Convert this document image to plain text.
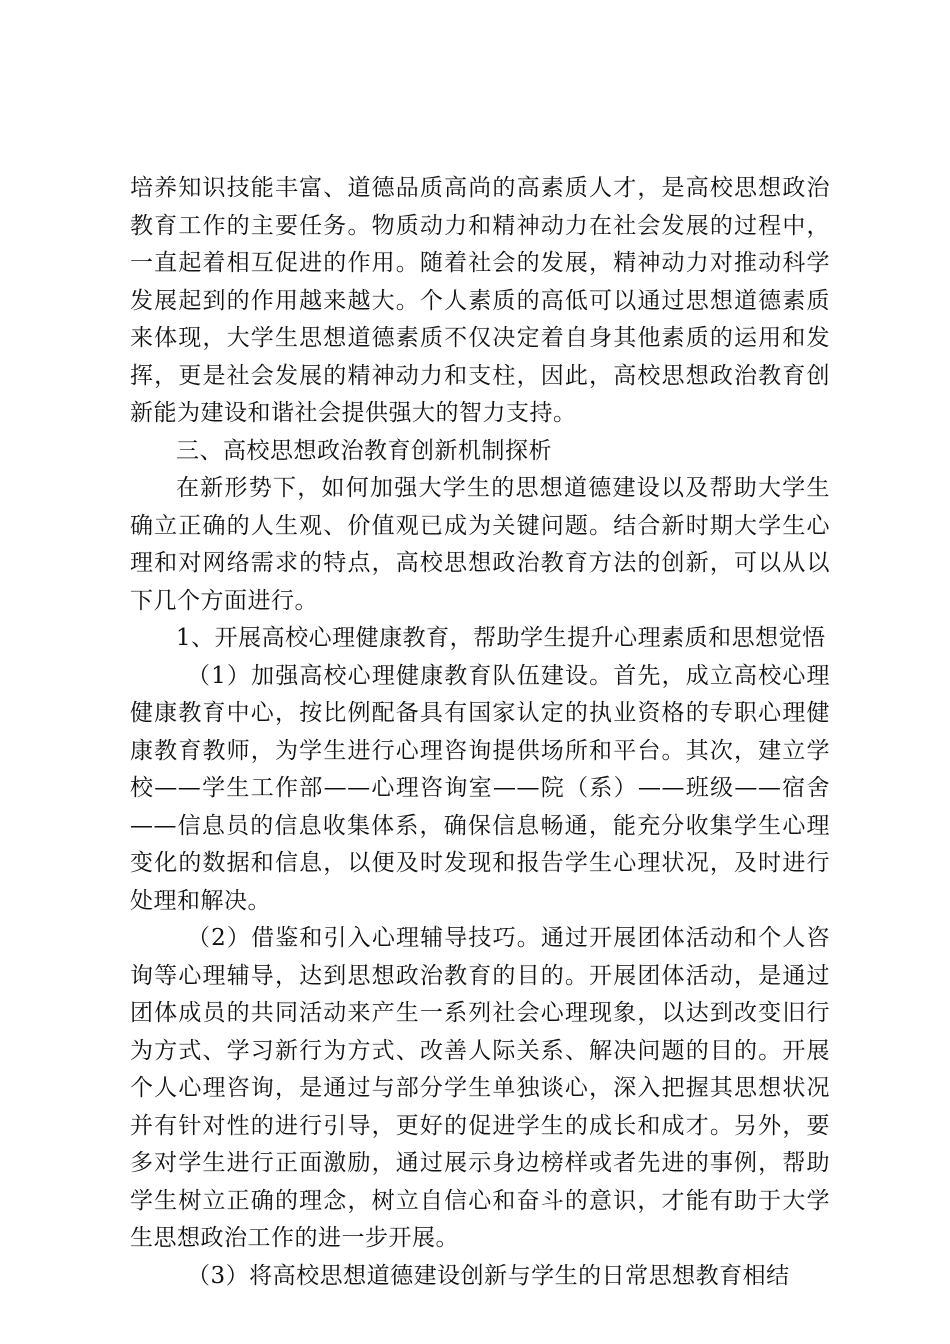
培养知识技能丰富、道德品质高尚的高素质人才，是高校思想政治教育工作的主要任务。物质动力和精神动力在社会发展的过程中，一直起着相互促进的作用。随着社会的发展，精神动力对推动科学发展起到的作用越来越大。个人素质的高低可以通过思想道德素质来体现，大学生思想道德素质不仅决定着自身其他素质的运用和发挥，更是社会发展的精神动力和支柱，因此，高校思想政治教育创新能为建设和谐社会提供强大的智力支持。

三、高校思想政治教育创新机制探析

在新形势下，如何加强大学生的思想道德建设以及帮助大学生确立正确的人生观、价值观已成为关键问题。结合新时期大学生心理和对网络需求的特点，高校思想政治教育方法的创新，可以从以下几个方面进行。

1、开展高校心理健康教育，帮助学生提升心理素质和思想觉悟

（1）加强高校心理健康教育队伍建设。首先，成立高校心理健康教育中心，按比例配备具有国家认定的执业资格的专职心理健康教育教师，为学生进行心理咨询提供场所和平台。其次，建立学校——学生工作部——心理咨询室——院（系）——班级——宿舍——信息员的信息收集体系，确保信息畅通，能充分收集学生心理变化的数据和信息，以便及时发现和报告学生心理状况，及时进行处理和解决。

（2）借鉴和引入心理辅导技巧。通过开展团体活动和个人咨询等心理辅导，达到思想政治教育的目的。开展团体活动，是通过团体成员的共同活动来产生一系列社会心理现象，以达到改变旧行为方式、学习新行为方式、改善人际关系、解决问题的目的。开展个人心理咨询，是通过与部分学生单独谈心，深入把握其思想状况并有针对性的进行引导，更好的促进学生的成长和成才。另外，要多对学生进行正面激励，通过展示身边榜样或者先进的事例，帮助学生树立正确的理念，树立自信心和奋斗的意识，才能有助于大学生思想政治工作的进一步开展。

（3）将高校思想道德建设创新与学生的日常思想教育相结
